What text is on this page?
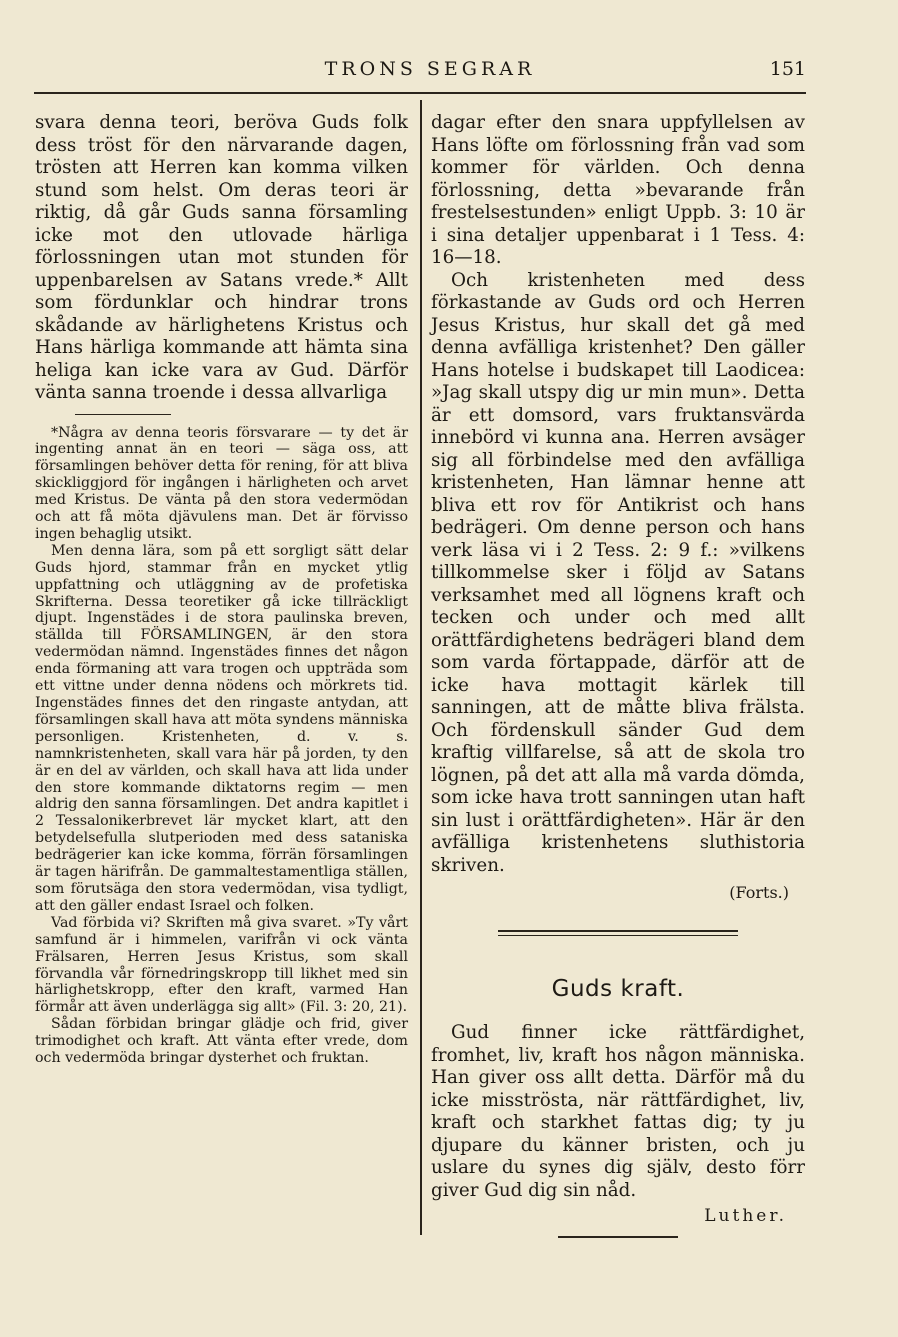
TRONS SEGRAR	151

svara denna teori, beröva Guds folk dess tröst för den närvarande dagen, trösten att Herren kan komma vilken stund som helst. Om deras teori är riktig, då går Guds sanna församling icke mot den utlovade härliga förlossningen utan mot stunden för uppenbarelsen av Satans vrede.* Allt som fördunklar och hindrar trons skådande av härlighetens Kristus och Hans härliga kommande att hämta sina heliga kan icke vara av Gud. Därför vänta sanna troende i dessa allvarliga

*Några av denna teoris försvarare — ty det är ingenting annat än en teori — säga oss, att församlingen behöver detta för rening, för att bliva skickliggjord för ingången i härligheten och arvet med Kristus. De vänta på den stora vedermödan och att få möta djävulens man. Det är förvisso ingen behaglig utsikt.

Men denna lära, som på ett sorgligt sätt delar Guds hjord, stammar från en mycket ytlig uppfattning och utläggning av de profetiska Skrifterna. Dessa teoretiker gå icke tillräckligt djupt. Ingenstädes i de stora paulinska breven, ställda till FÖRSAMLINGEN, är den stora vedermödan nämnd. Ingenstädes finnes det någon enda förmaning att vara trogen och uppträda som ett vittne under denna nödens och mörkrets tid. Ingenstädes finnes det den ringaste antydan, att församlingen skall hava att möta syndens människa personligen. Kristenheten, d. v. s. namnkristenheten, skall vara här på jorden, ty den är en del av världen, och skall hava att lida under den store kommande diktatorns regim — men aldrig den sanna församlingen. Det andra kapitlet i 2 Tessalonikerbrevet lär mycket klart, att den betydelsefulla slutperioden med dess sataniska bedrägerier kan icke komma, förrän församlingen är tagen härifrån. De gammaltestamentliga ställen, som förutsäga den stora vedermödan, visa tydligt, att den gäller endast Israel och folken.

Vad förbida vi? Skriften må giva svaret. »Ty vårt samfund är i himmelen, varifrån vi ock vänta Frälsaren, Herren Jesus Kristus, som skall förvandla vår förnedringskropp till likhet med sin härlighetskropp, efter den kraft, varmed Han förmår att även underlägga sig allt» (Fil. 3: 20, 21).

Sådan förbidan bringar glädje och frid, giver trimodighet och kraft. Att vänta efter vrede, dom och vedermöda bringar dysterhet och fruktan.

dagar efter den snara uppfyllelsen av Hans löfte om förlossning från vad som kommer för världen. Och denna förlossning, detta »bevarande från frestelsestunden» enligt Uppb. 3: 10 är i sina detaljer uppenbarat i 1 Tess. 4: 16—18.

Och kristenheten med dess förkastande av Guds ord och Herren Jesus Kristus, hur skall det gå med denna avfälliga kristenhet? Den gäller Hans hotelse i budskapet till Laodicea: »Jag skall utspy dig ur min mun». Detta är ett domsord, vars fruktansvärda innebörd vi kunna ana. Herren avsäger sig all förbindelse med den avfälliga kristenheten, Han lämnar henne att bliva ett rov för Antikrist och hans bedrägeri. Om denne person och hans verk läsa vi i 2 Tess. 2: 9 f.: »vilkens tillkommelse sker i följd av Satans verksamhet med all lögnens kraft och tecken och under och med allt orättfärdighetens bedrägeri bland dem som varda förtappade, därför att de icke hava mottagit kärlek till sanningen, att de måtte bliva frälsta. Och fördenskull sänder Gud dem kraftig villfarelse, så att de skola tro lögnen, på det att alla må varda dömda, som icke hava trott sanningen utan haft sin lust i orättfärdigheten». Här är den avfälliga kristenhetens sluthistoria skriven.

(Forts.)
Guds kraft.

Gud finner icke rättfärdighet, fromhet, liv, kraft hos någon människa. Han giver oss allt detta. Därför må du icke misströsta, när rättfärdighet, liv, kraft och starkhet fattas dig; ty ju djupare du känner bristen, och ju uslare du synes dig själv, desto förr giver Gud dig sin nåd.

Luther.
